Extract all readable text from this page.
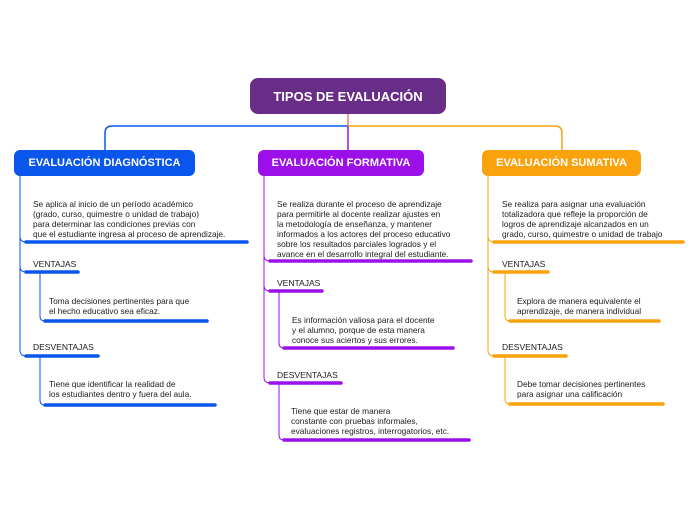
TIPOS DE EVALUACIÓN
EVALUACIÓN DIAGNÓSTICA	EVALUACIÓN FORMATIVA	EVALUACIÓN SUMATIVA
Se aplica al inicio de un período académico
(grado, curso, quimestre o unidad de trabajo)
para determinar las condiciones previas con
que el estudiante ingresa al proceso de aprendizaje.
VENTAJAS
Toma decisiones pertinentes para que
el hecho educativo sea eficaz.
DESVENTAJAS
Tiene que identificar la realidad de
los estudiantes dentro y fuera del aula.
Se realiza durante el proceso de aprendizaje
para permitirle al docente realizar ajustes en
la metodología de enseñanza, y mantener
informados a los actores del proceso educativo
sobre los resultados parciales logrados y el
avance en el desarrollo integral del estudiante.
VENTAJAS
Es información valiosa para el docente
y el alumno, porque de esta manera
conoce sus aciertos y sus errores.
DESVENTAJAS
Tiene que estar de manera
constante con pruebas informales,
evaluaciones registros, interrogatorios, etc.
Se realiza para asignar una evaluación
totalizadora que refleje la proporción de
logros de aprendizaje alcanzados en un
grado, curso, quimestre o unidad de trabajo
VENTAJAS
Explora de manera equivalente el
aprendizaje, de manera individual
DESVENTAJAS
Debe tomar decisiones pertinentes
para asignar una calificación
